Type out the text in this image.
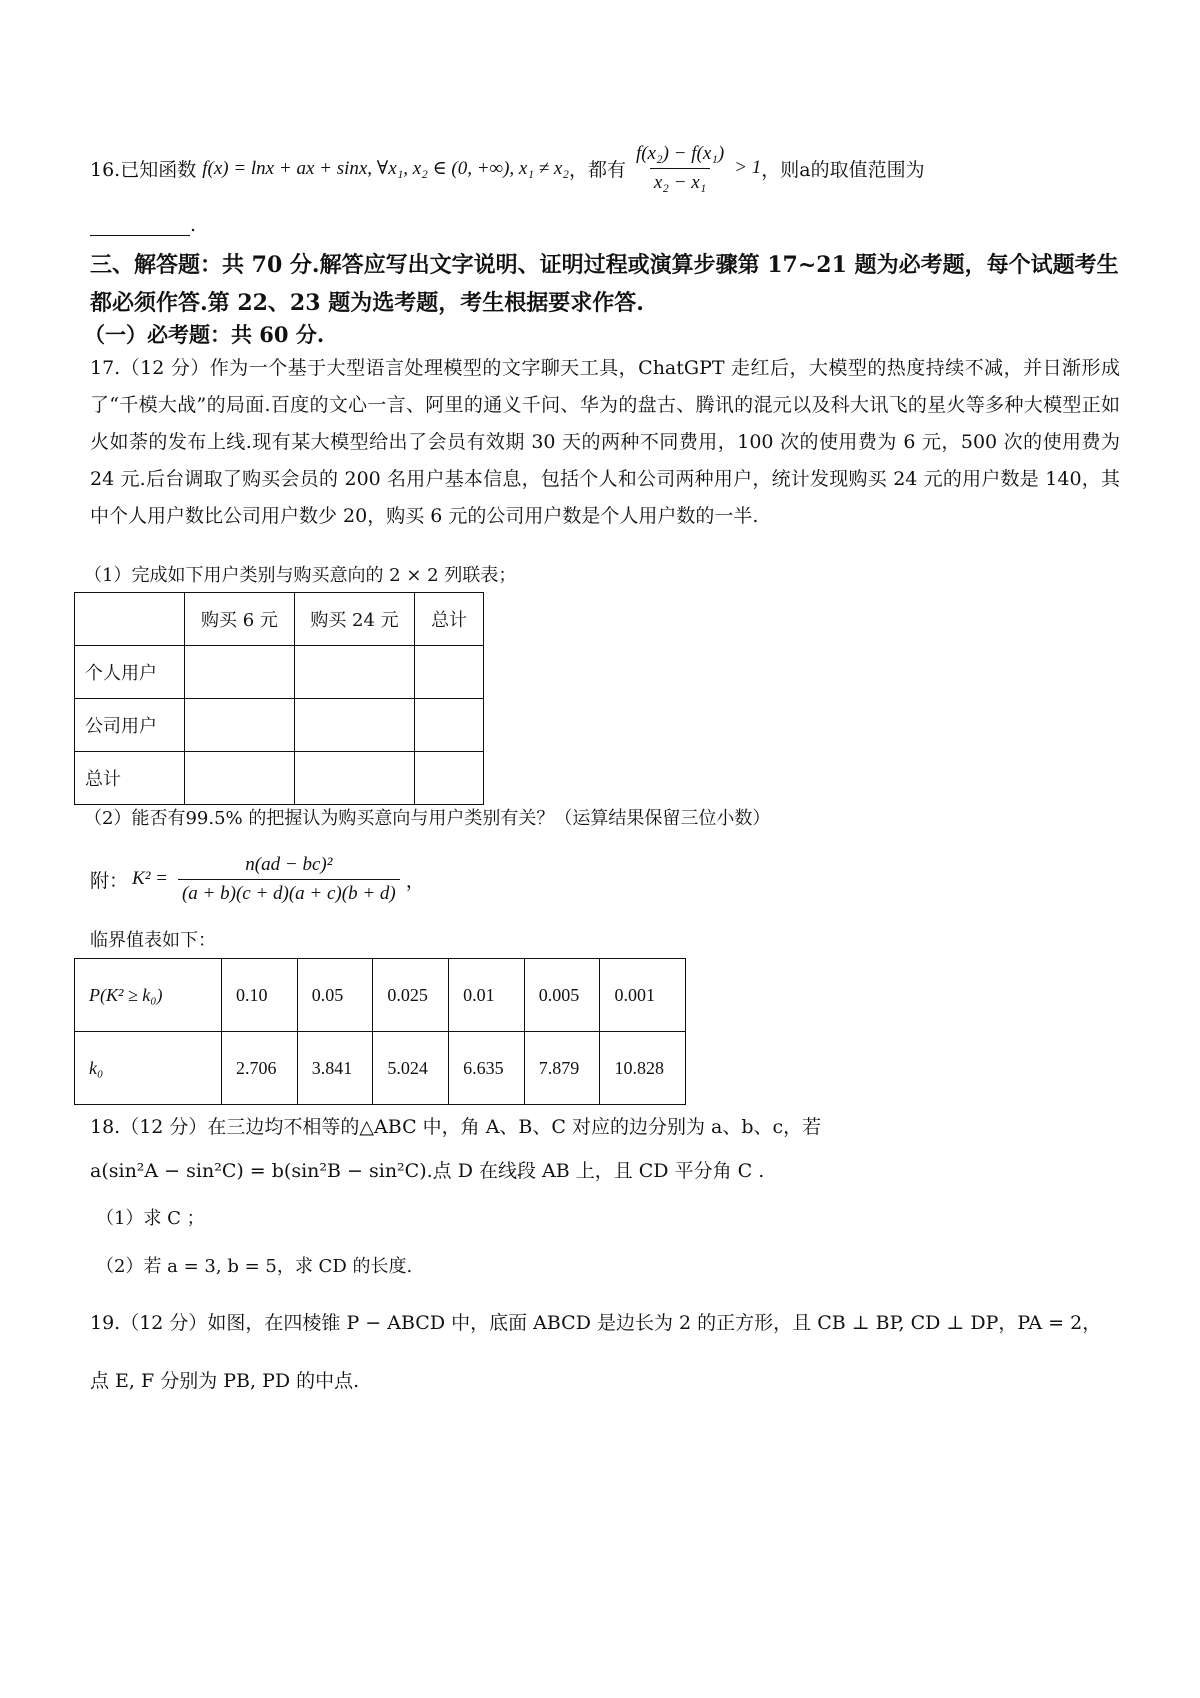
16.已知函数 f(x) = lnx + ax + sinx, ∀x₁, x₂ ∈ (0, +∞), x₁ ≠ x₂ ，都有 $\frac{\text{f(x₂) − f(x₁)}}{\text{x₂ − x₁}} > 1$ ，则a的取值范围为
.
三、解答题：共 70 分.解答应写出文字说明、证明过程或演算步骤第 17~21 题为必考题，每个试题考生都必须作答.第 22、23 题为选考题，考生根据要求作答.
（一）必考题：共 60 分.
17.（12 分）作为一个基于大型语言处理模型的文字聊天工具，ChatGPT 走红后，大模型的热度持续不减，并日渐形成了“千模大战”的局面.百度的文心一言、阿里的通义千问、华为的盘古、腾讯的混元以及科大讯飞的星火等多种大模型正如火如荼的发布上线.现有某大模型给出了会员有效期 30 天的两种不同费用，100 次的使用费为 6 元，500 次的使用费为 24 元.后台调取了购买会员的 200 名用户基本信息，包括个人和公司两种用户，统计发现购买 24 元的用户数是 140，其中个人用户数比公司用户数少 20，购买 6 元的公司用户数是个人用户数的一半.
（1）完成如下用户类别与购买意向的 2 × 2 列联表；
	购买 6 元	购买 24 元	总计
个人用户			
公司用户			
总计			
（2）能否有99.5% 的把握认为购买意向与用户类别有关？（运算结果保留三位小数）
附： $K^2 = \frac{\text{n(ad − bc)²}}{(a + b)(c + d)(a + c)(b + d)}$ ，
临界值表如下：
P(K² ≥ k₀)	0.10	0.05	0.025	0.01	0.005	0.001
k₀	2.706	3.841	5.024	6.635	7.879	10.828
18.（12 分）在三边均不相等的△ABC 中，角 A、B、C 对应的边分别为 a、b、c，若
a(sin²A − sin²C) = b(sin²B − sin²C).点 D 在线段 AB 上，且 CD 平分角 C .
（1）求 C ；
（2）若 a = 3, b = 5，求 CD 的长度.
19.（12 分）如图，在四棱锥 P − ABCD 中，底面 ABCD 是边长为 2 的正方形，且 CB ⊥ BP, CD ⊥ DP，PA = 2，
点 E, F 分别为 PB, PD 的中点.
